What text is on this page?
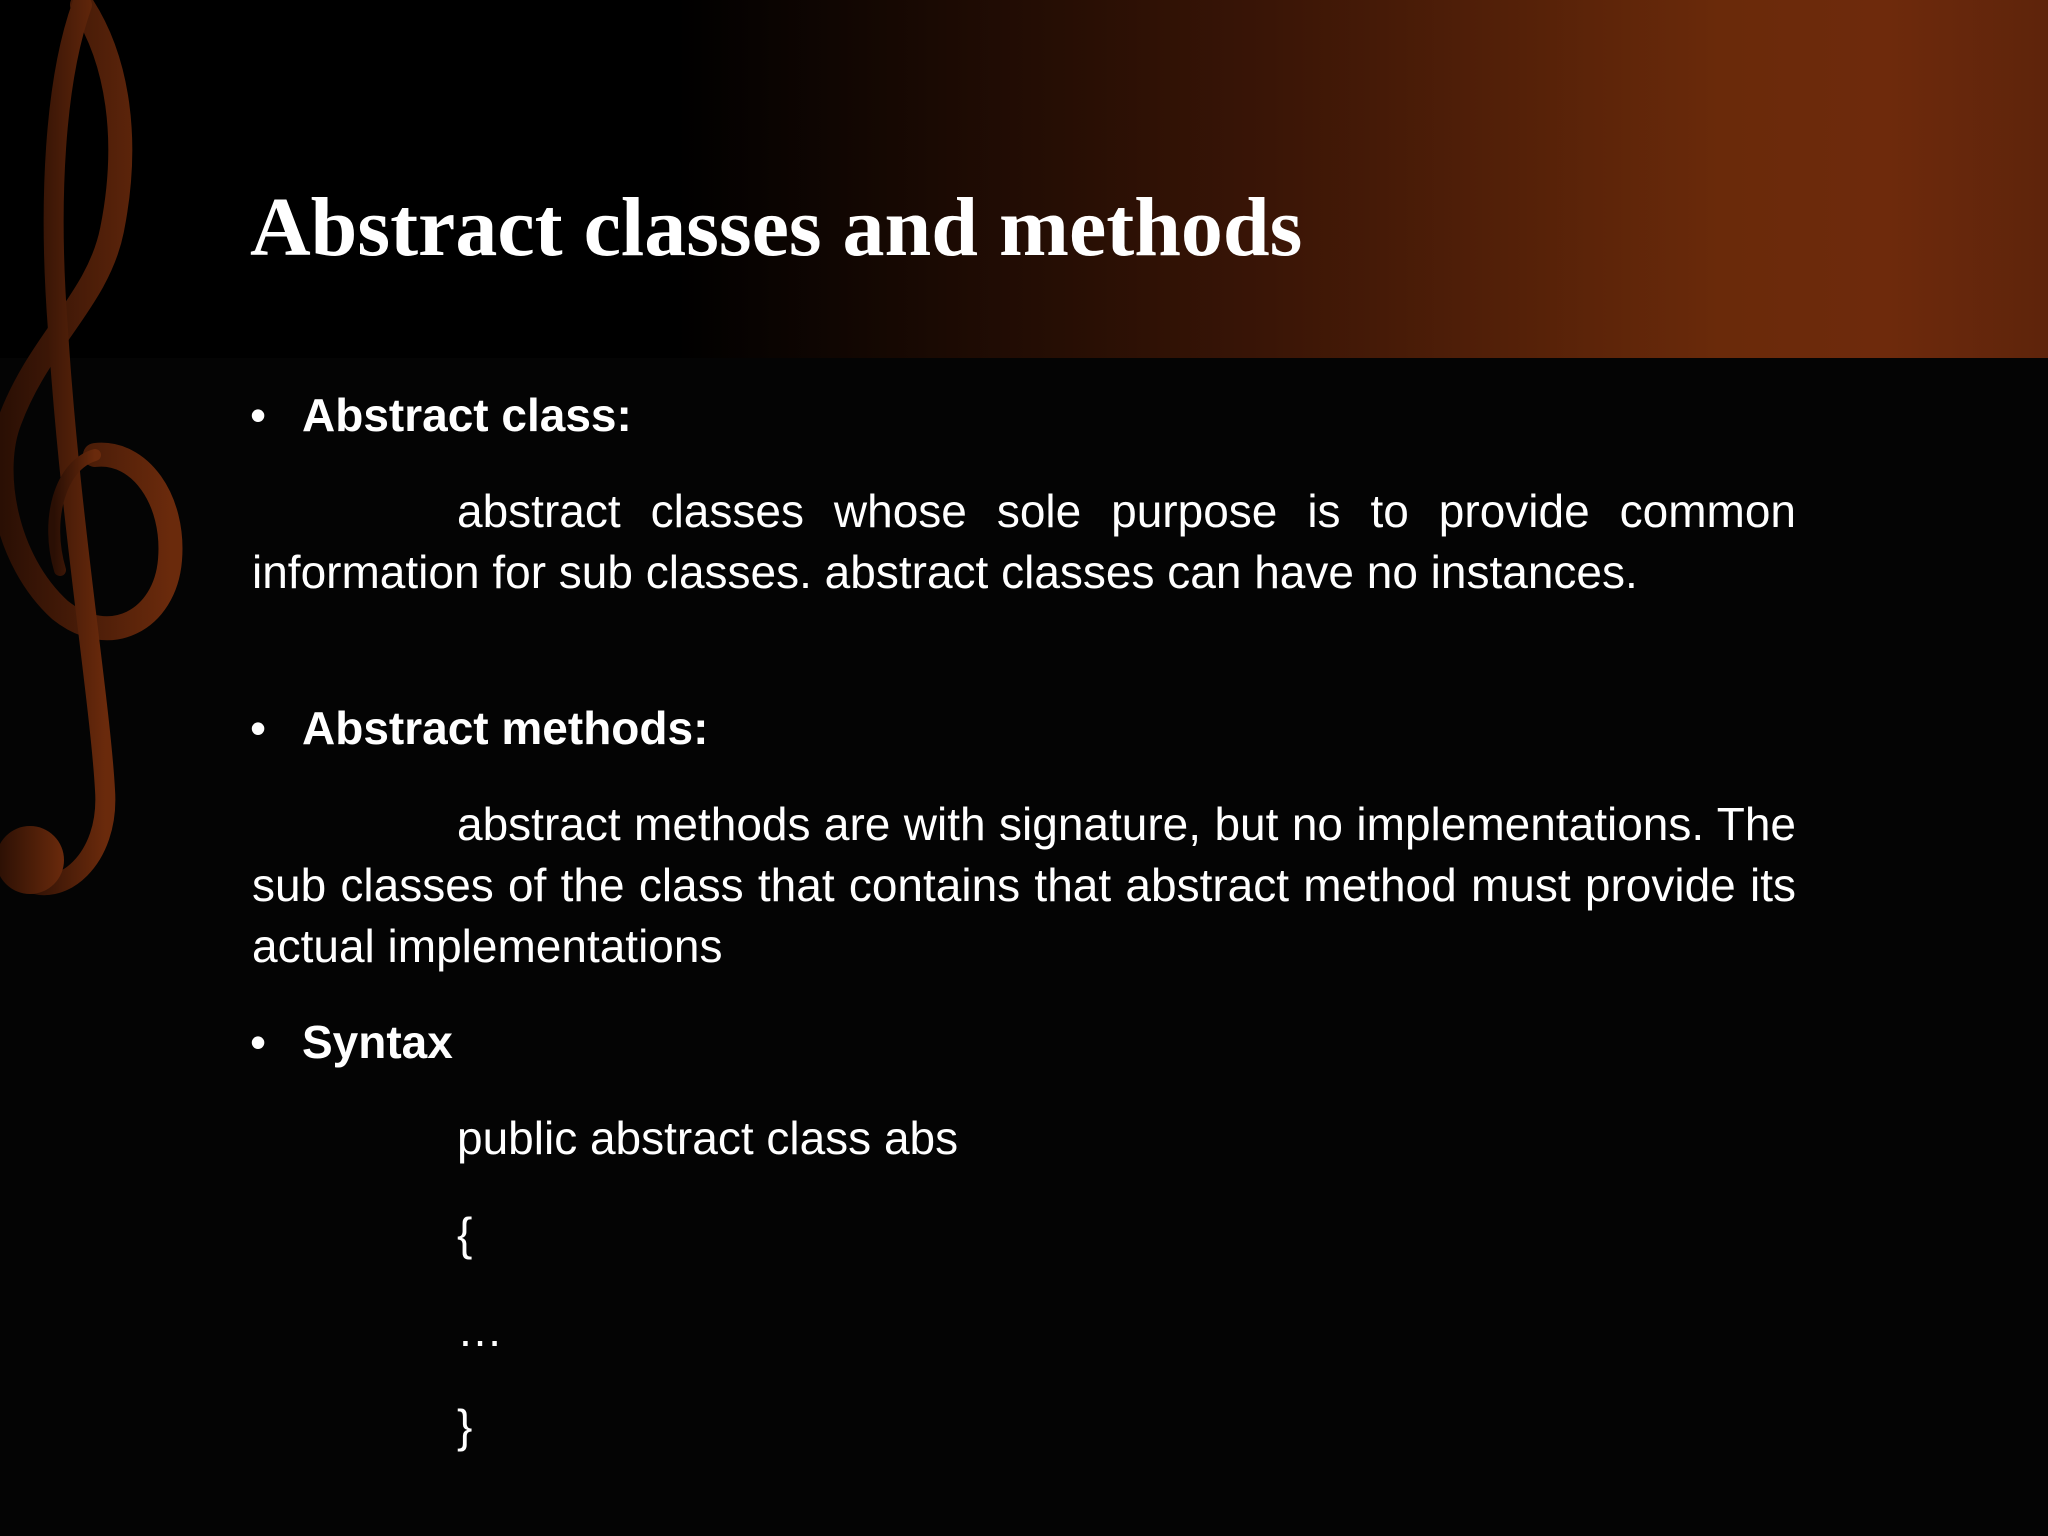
Abstract classes and methods
• Abstract class:
abstract classes whose sole purpose is to provide common information for sub classes. abstract classes can have no instances.
• Abstract methods:
abstract methods are with signature, but no implementations. The sub classes of the class that contains that abstract method must provide its actual implementations
• Syntax
public abstract class abs
{
…
}
